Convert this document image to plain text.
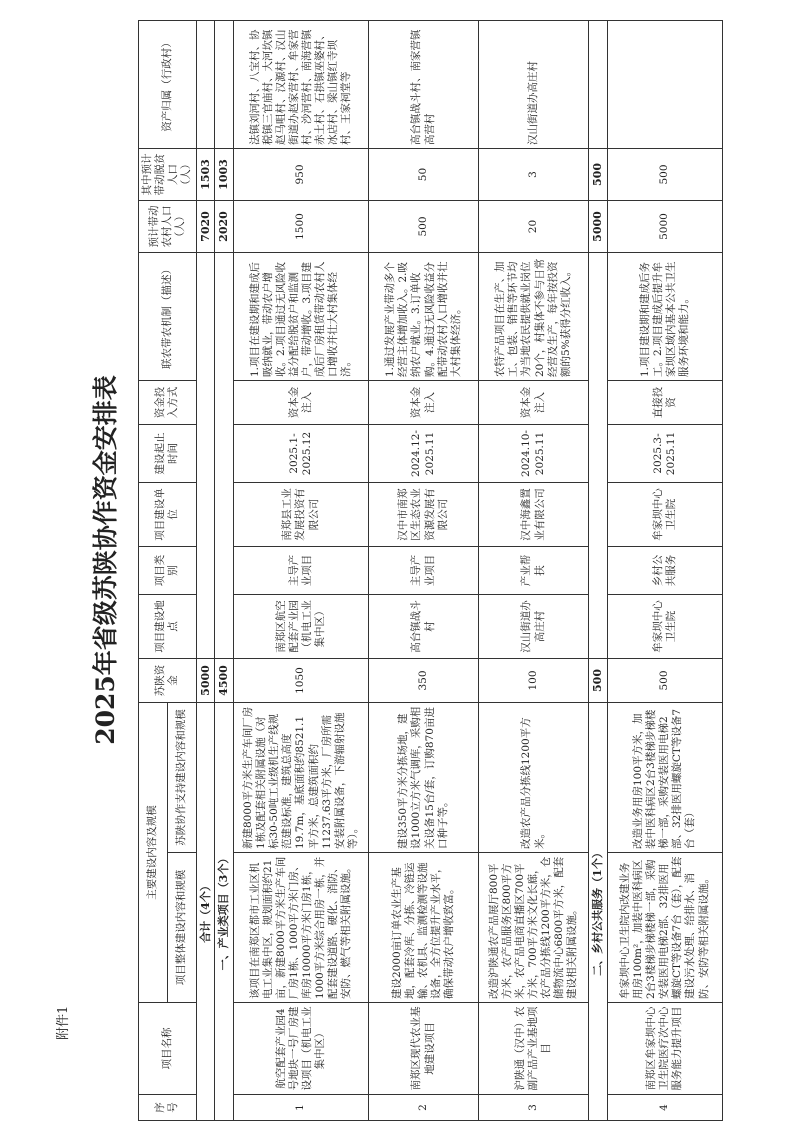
附件1
2025年省级苏陕协作资金安排表
序号	项目名称	主要建设内容及规模		苏陕资金	项目建设地点	项目类别	项目建设单位	建设起止时间	资金投入方式	联农带农机制（描述）	预计带动农村人口（人）	其中预计带动脱贫人口（人）	资产归属（行政村）
		项目整体建设内容和规模	苏陕协作支持建设内容和规模										
合计（4个）				5000							7020	1503	
一、产业类项目（3个）				4500							2020	1003	
1	航空配套产业园4号地块一号厂房建设项目（机电工业集中区）	该项目在南郑区都市工业区机电工业集中区，规划面积约21亩，新建8000平方米生产车间厂房1栋、1000平方米门房、库房10000平方米门房1栋，1000平方米综合用房一栋，并配套建设道路、硬化、消防、安防、燃气等相关附属设施。	新建8000平方米生产车间厂房1栋及配套相关附属设施（对标30-50吨工业级机生产线规范建设标准，建筑总高度19.7m，基底面积约8521.1平方米，总建筑面积约11237.63平方米，厂房所需安装附属设备，下游辐射设施等）。	1050	南郑区航空配套产业园（机电工业集中区）	主导产业项目	南郑县工业发展投资有限公司	2025.1-2025.12	资本金注入	1.项目在建设期和建成后吸纳就业，带动农户增收。2.项目通过无风险收益分配给脱贫户和监测户，带动增收。3.项目建成后厂房租赁带动农村人口增收并壮大村集体经济。	1500	950	法镇刘河村、八宝村、协税镇三官庙村、大河坎镇赵马咀村、汉源村、汉山街道办赵家营村、牟家营村、沙河营村、南海营镇赤土村、石拱镇巫婆村、冰店村、梁山镇红寺坝村、王家祠堂等
2	南郑区现代农业基地建设项目	建设2000亩订单农业生产基地，配套冷库、分拣、冷链运输、农机具、监测检测等设施设备，全方位提升产业水平，确保带动农户增收致富。	建设350平方米分拣场地，建设1000立方米气调库，采购相关设备15台/套，订购870亩进口种子等。	350	高台镇战斗村	主导产业项目	汉中市南郑区生态农业资源发展有限公司	2024.12-2025.11	资本金注入	1.通过发展产业带动多个经营主体增加收入。2.吸纳农户就业。3.订单收购。4.通过无风险收益分配带动农村人口增收并壮大村集体经济。	500	50	高台镇战斗村、南家营镇高营村
3	沪陕通（汉中）农副产品产业基地项目	改造沪陕通农产品展厅800平方米，农产品服务区800平方米，农产品电商直播区700平方米，700平方米文化长廊，农产品分拣线1200平方米，仓储物流中心6800平方米，配套建设相关附属设施。	改造农产品分拣线1200平方米。	100	汉山街道办高庄村	产业帮扶	汉中海鑫置业有限公司	2024.10-2025.11	资本金注入	农特产品项目在生产、加工、包装、销售等环节均为当地农民提供就业岗位20个，村集体不参与日常经营及生产，每年按投资额的5%获得分红收入。	20	3	汉山街道办高庄村
二、乡村公共服务（1个）				500							5000	500	
4	南郑区牟家坝中心卫生院医疗次中心服务能力提升项目	牟家坝中心卫生院内改建业务用房100m²，加装中医科病区2台3楼梯步梯楼梯一部，采购安装医用电梯2部、32排医用螺旋CT等设备7台（套），配套建设污水处理、给排水、消防、安防等相关附属设施。	改造业务用房100平方米，加装中医科病区2台3楼梯步梯楼梯一部，采购安装医用电梯2部、32排医用螺旋CT等设备7台（套）	500	牟家坝中心卫生院	乡村公共服务	牟家坝中心卫生院	2025.3-2025.11	直接投资	1.项目建设期和建成后务工。2.项目建成后提升牟家坝区域内基本公共卫生服务环境和能力。	5000	500	
